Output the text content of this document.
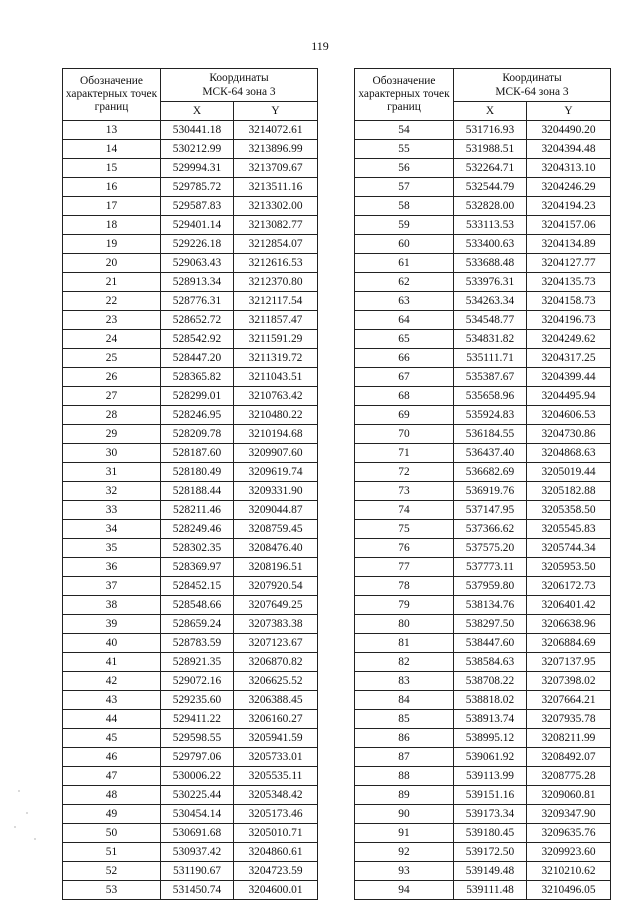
119
Обозначение характерных точек границ	Координаты
МСК-64 зона 3	
	X	Y
13	530441.18	3214072.61
14	530212.99	3213896.99
15	529994.31	3213709.67
16	529785.72	3213511.16
17	529587.83	3213302.00
18	529401.14	3213082.77
19	529226.18	3212854.07
20	529063.43	3212616.53
21	528913.34	3212370.80
22	528776.31	3212117.54
23	528652.72	3211857.47
24	528542.92	3211591.29
25	528447.20	3211319.72
26	528365.82	3211043.51
27	528299.01	3210763.42
28	528246.95	3210480.22
29	528209.78	3210194.68
30	528187.60	3209907.60
31	528180.49	3209619.74
32	528188.44	3209331.90
33	528211.46	3209044.87
34	528249.46	3208759.45
35	528302.35	3208476.40
36	528369.97	3208196.51
37	528452.15	3207920.54
38	528548.66	3207649.25
39	528659.24	3207383.38
40	528783.59	3207123.67
41	528921.35	3206870.82
42	529072.16	3206625.52
43	529235.60	3206388.45
44	529411.22	3206160.27
45	529598.55	3205941.59
46	529797.06	3205733.01
47	530006.22	3205535.11
48	530225.44	3205348.42
49	530454.14	3205173.46
50	530691.68	3205010.71
51	530937.42	3204860.61
52	531190.67	3204723.59
53	531450.74	3204600.01
Обозначение характерных точек границ	Координаты
МСК-64 зона 3	
	X	Y
54	531716.93	3204490.20
55	531988.51	3204394.48
56	532264.71	3204313.10
57	532544.79	3204246.29
58	532828.00	3204194.23
59	533113.53	3204157.06
60	533400.63	3204134.89
61	533688.48	3204127.77
62	533976.31	3204135.73
63	534263.34	3204158.73
64	534548.77	3204196.73
65	534831.82	3204249.62
66	535111.71	3204317.25
67	535387.67	3204399.44
68	535658.96	3204495.94
69	535924.83	3204606.53
70	536184.55	3204730.86
71	536437.40	3204868.63
72	536682.69	3205019.44
73	536919.76	3205182.88
74	537147.95	3205358.50
75	537366.62	3205545.83
76	537575.20	3205744.34
77	537773.11	3205953.50
78	537959.80	3206172.73
79	538134.76	3206401.42
80	538297.50	3206638.96
81	538447.60	3206884.69
82	538584.63	3207137.95
83	538708.22	3207398.02
84	538818.02	3207664.21
85	538913.74	3207935.78
86	538995.12	3208211.99
87	539061.92	3208492.07
88	539113.99	3208775.28
89	539151.16	3209060.81
90	539173.34	3209347.90
91	539180.45	3209635.76
92	539172.50	3209923.60
93	539149.48	3210210.62
94	539111.48	3210496.05
